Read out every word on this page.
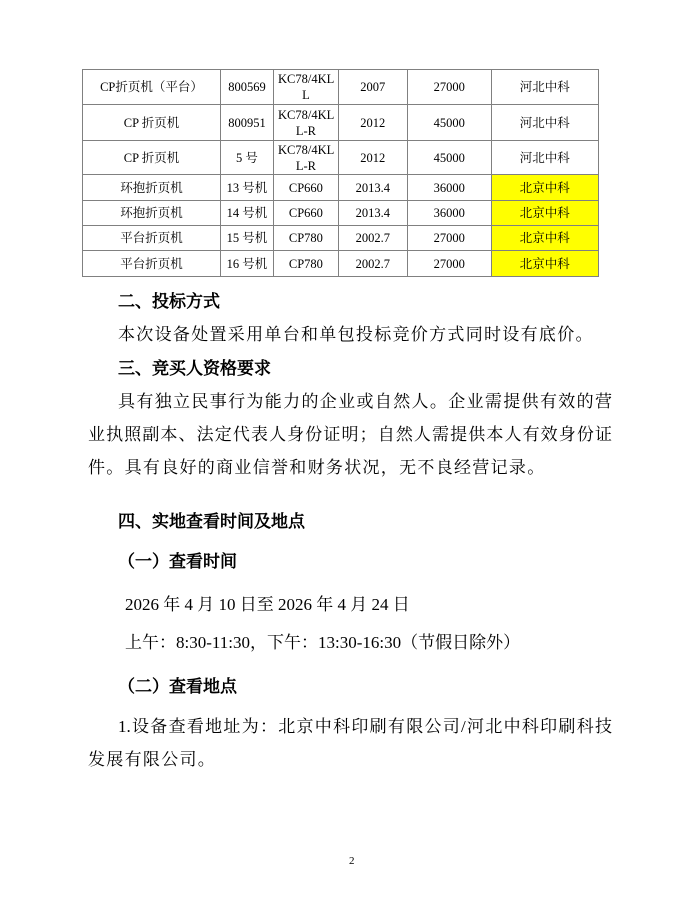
CP折页机（平台）	800569	KC78/4KL L	2007	27000	河北中科
CP 折页机	800951	KC78/4KL L-R	2012	45000	河北中科
CP 折页机	5 号	KC78/4KL L-R	2012	45000	河北中科
环抱折页机	13 号机	CP660	2013.4	36000	北京中科
环抱折页机	14 号机	CP660	2013.4	36000	北京中科
平台折页机	15 号机	CP780	2002.7	27000	北京中科
平台折页机	16 号机	CP780	2002.7	27000	北京中科
二、投标方式
本次设备处置采用单台和单包投标竞价方式同时设有底价。
三、竞买人资格要求
具有独立民事行为能力的企业或自然人。企业需提供有效的营
业执照副本、法定代表人身份证明；自然人需提供本人有效身份证
件。具有良好的商业信誉和财务状况，无不良经营记录。
四、实地查看时间及地点
（一）查看时间
2026 年 4 月 10 日至 2026 年 4 月 24 日
上午：8:30-11:30，下午：13:30-16:30（节假日除外）
（二）查看地点
1.设备查看地址为：北京中科印刷有限公司/河北中科印刷科技
发展有限公司。
2
